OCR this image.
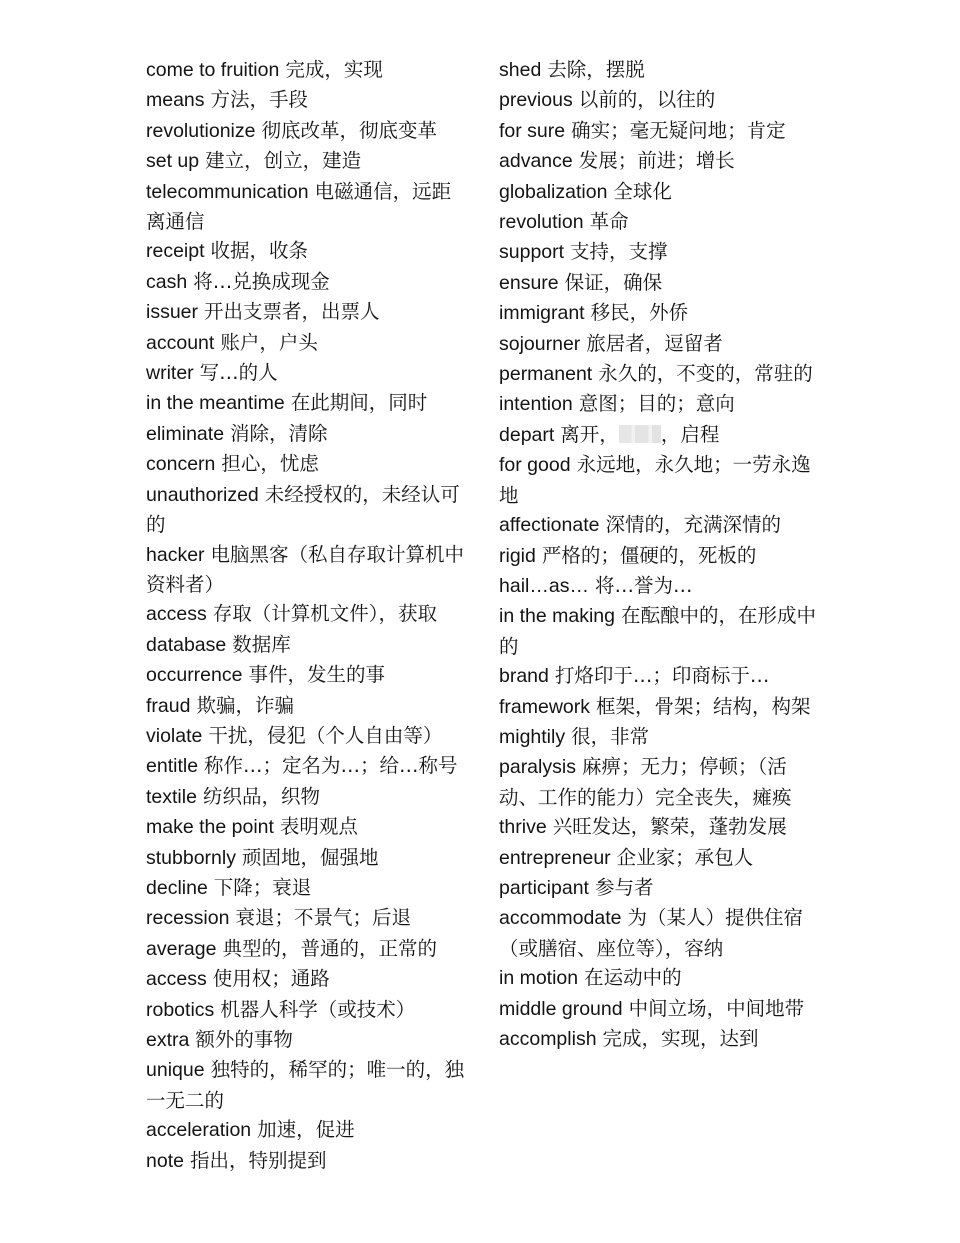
come to fruition 完成，实现
means 方法，手段
revolutionize 彻底改革，彻底变革
set up 建立，创立，建造
telecommunication 电磁通信，远距离通信
receipt 收据，收条
cash 将…兑换成现金
issuer 开出支票者，出票人
account 账户，户头
writer 写…的人
in the meantime 在此期间，同时
eliminate 消除，清除
concern 担心，忧虑
unauthorized 未经授权的，未经认可的
hacker 电脑黑客（私自存取计算机中资料者）
access 存取（计算机文件），获取
database 数据库
occurrence 事件，发生的事
fraud 欺骗，诈骗
violate 干扰，侵犯（个人自由等）
entitle 称作…；定名为…；给…称号
textile 纺织品，织物
make the point 表明观点
stubbornly 顽固地，倔强地
decline 下降；衰退
recession 衰退；不景气；后退
average 典型的，普通的，正常的
access 使用权；通路
robotics 机器人科学（或技术）
extra 额外的事物
unique 独特的，稀罕的；唯一的，独一无二的
acceleration 加速，促进
note 指出，特别提到
shed 去除，摆脱
previous 以前的，以往的
for sure 确实；毫无疑问地；肯定
advance 发展；前进；增长
globalization 全球化
revolution 革命
support 支持，支撑
ensure 保证，确保
immigrant 移民，外侨
sojourner 旅居者，逗留者
permanent 永久的，不变的，常驻的
intention 意图；目的；意向
depart 离开， ，启程
for good 永远地，永久地；一劳永逸地
affectionate 深情的，充满深情的
rigid 严格的；僵硬的，死板的
hail…as… 将…誉为…
in the making 在酝酿中的，在形成中的
brand 打烙印于…；印商标于…
framework 框架，骨架；结构，构架
mightily 很，非常
paralysis 麻痹；无力；停顿；（活动、工作的能力）完全丧失，瘫痪
thrive 兴旺发达，繁荣，蓬勃发展
entrepreneur 企业家；承包人
participant 参与者
accommodate 为（某人）提供住宿（或膳宿、座位等），容纳
in motion 在运动中的
middle ground 中间立场，中间地带
accomplish 完成，实现，达到
